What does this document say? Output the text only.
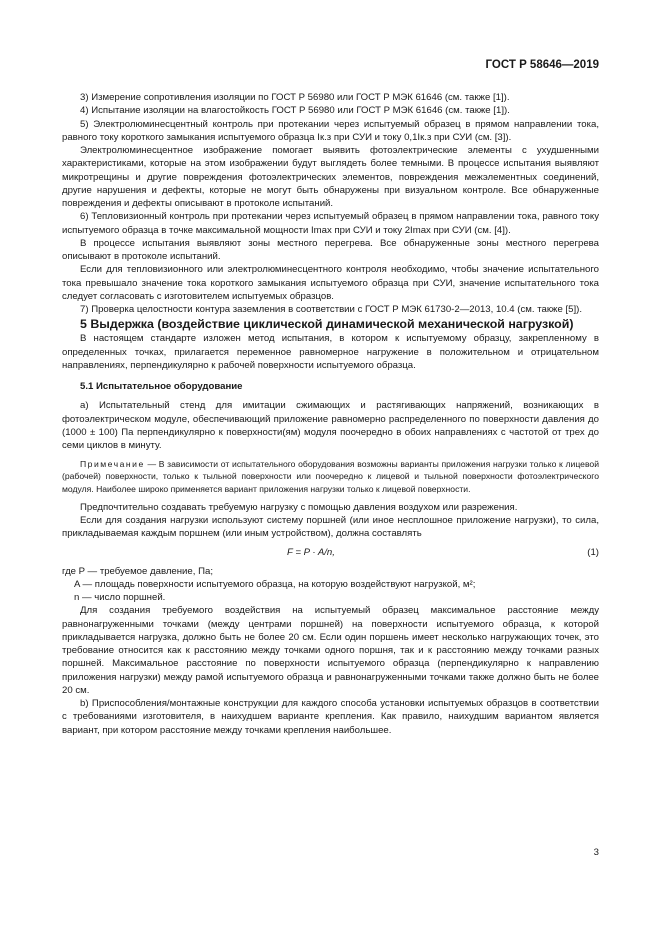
ГОСТ Р 58646—2019

3) Измерение сопротивления изоляции по ГОСТ Р 56980 или ГОСТ Р МЭК 61646 (см. также [1]).

4) Испытание изоляции на влагостойкость ГОСТ Р 56980 или ГОСТ Р МЭК 61646 (см. также [1]).

5) Электролюминесцентный контроль при протекании через испытуемый образец в прямом направлении тока, равного току короткого замыкания испытуемого образца Iк.з при СУИ и току 0,1Iк.з при СУИ (см. [3]).

Электролюминесцентное изображение помогает выявить фотоэлектрические элементы с ухудшенными характеристиками, которые на этом изображении будут выглядеть более темными. В процессе испытания выявляют микротрещины и другие повреждения фотоэлектрических элементов, повреждения межэлементных соединений, другие нарушения и дефекты, которые не могут быть обнаружены при визуальном контроле. Все обнаруженные повреждения и дефекты описывают в протоколе испытаний.

6) Тепловизионный контроль при протекании через испытуемый образец в прямом направлении тока, равного току испытуемого образца в точке максимальной мощности Imax при СУИ и току 2Imax при СУИ (см. [4]).

В процессе испытания выявляют зоны местного перегрева. Все обнаруженные зоны местного перегрева описывают в протоколе испытаний.

Если для тепловизионного или электролюминесцентного контроля необходимо, чтобы значение испытательного тока превышало значение тока короткого замыкания испытуемого образца при СУИ, значение испытательного тока следует согласовать с изготовителем испытуемых образцов.

7) Проверка целостности контура заземления в соответствии с ГОСТ Р МЭК 61730-2—2013, 10.4 (см. также [5]).

5 Выдержка (воздействие циклической динамической механической нагрузкой)

В настоящем стандарте изложен метод испытания, в котором к испытуемому образцу, закрепленному в определенных точках, прилагается переменное равномерное нагружение в положительном и отрицательном направлениях, перпендикулярно к рабочей поверхности испытуемого образца.

5.1 Испытательное оборудование

а) Испытательный стенд для имитации сжимающих и растягивающих напряжений, возникающих в фотоэлектрическом модуле, обеспечивающий приложение равномерно распределенного по поверхности давления до (1000 ± 100) Па перпендикулярно к поверхности(ям) модуля поочередно в обоих направлениях с частотой от трех до семи циклов в минуту.

Примечание — В зависимости от испытательного оборудования возможны варианты приложения нагрузки только к лицевой (рабочей) поверхности, только к тыльной поверхности или поочередно к лицевой и тыльной поверхности фотоэлектрического модуля. Наиболее широко применяется вариант приложения нагрузки только к лицевой поверхности.

Предпочтительно создавать требуемую нагрузку с помощью давления воздухом или разрежения.

Если для создания нагрузки используют систему поршней (или иное несплошное приложение нагрузки), то сила, прикладываемая каждым поршнем (или иным устройством), должна составлять

F = P · A/n,	(1)

где P — требуемое давление, Па;

A — площадь поверхности испытуемого образца, на которую воздействуют нагрузкой, м²;

n — число поршней.

Для создания требуемого воздействия на испытуемый образец максимальное расстояние между равнонагруженными точками (между центрами поршней) на поверхности испытуемого образца, к которой прикладывается нагрузка, должно быть не более 20 см. Если один поршень имеет несколько нагружающих точек, это требование относится как к расстоянию между точками одного поршня, так и к расстоянию между точками разных поршней. Максимальное расстояние по поверхности испытуемого образца (перпендикулярно к направлению приложения нагрузки) между рамой испытуемого образца и равнонагруженными точками также должно быть не более 20 см.

b) Приспособления/монтажные конструкции для каждого способа установки испытуемых образцов в соответствии с требованиями изготовителя, в наихудшем варианте крепления. Как правило, наихудшим вариантом является вариант, при котором расстояние между точками крепления наибольшее.

3
